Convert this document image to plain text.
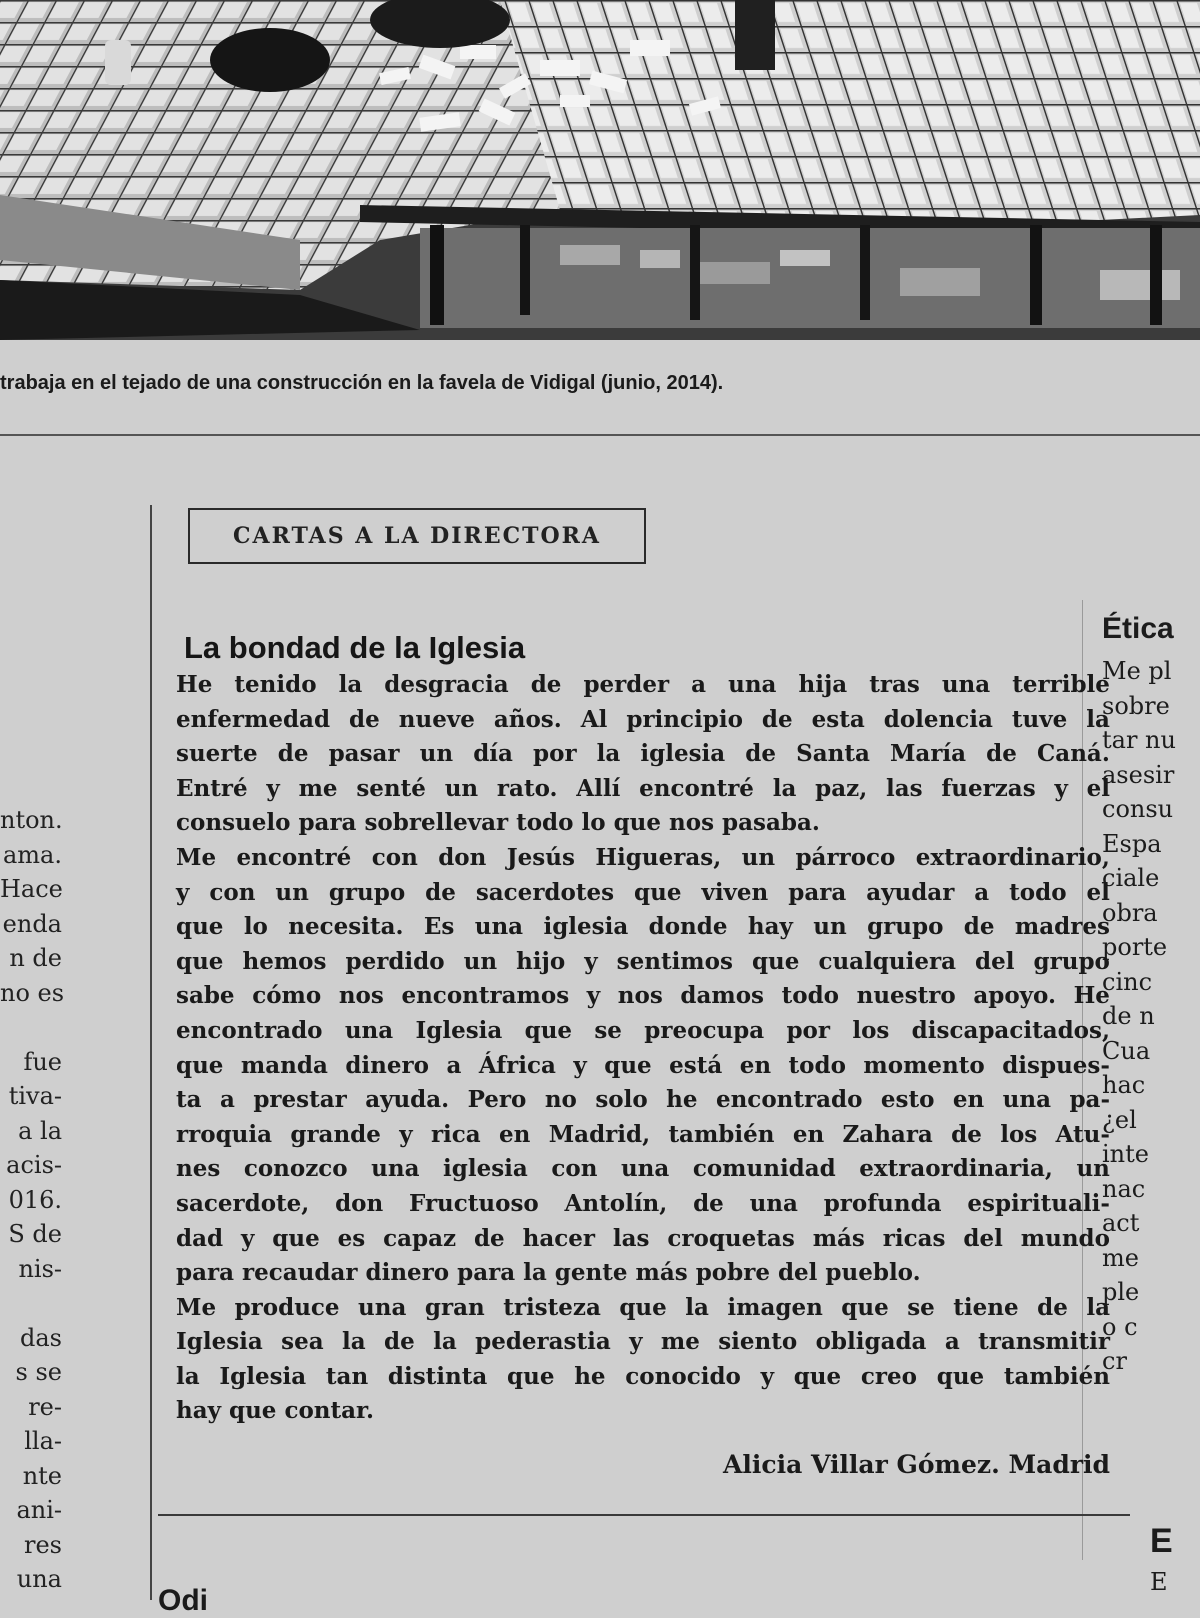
trabaja en el tejado de una construcción en la favela de Vidigal (junio, 2014).
nton.
ama.
Hace
enda
n de
no es
fue
tiva-
a la
acis-
016.
S de
nis-
das
s se
re-
lla-
nte
ani-
res
una
Ética
Me pl
sobre
tar nu
asesir
consu
Espa
ciale
obra
porte
cinc
de n
Cua
hac
¿el
inte
nac
act
me
ple
o c
cr
E
E
CARTAS A LA DIRECTORA
La bondad de la Iglesia
He tenido la desgracia de perder a una hija tras una terrible
enfermedad de nueve años. Al principio de esta dolencia tuve la
suerte de pasar un día por la iglesia de Santa María de Caná.
Entré y me senté un rato. Allí encontré la paz, las fuerzas y el
consuelo para sobrellevar todo lo que nos pasaba.
Me encontré con don Jesús Higueras, un párroco extraordinario,
y con un grupo de sacerdotes que viven para ayudar a todo el
que lo necesita. Es una iglesia donde hay un grupo de madres
que hemos perdido un hijo y sentimos que cualquiera del grupo
sabe cómo nos encontramos y nos damos todo nuestro apoyo. He
encontrado una Iglesia que se preocupa por los discapacitados,
que manda dinero a África y que está en todo momento dispues-
ta a prestar ayuda. Pero no solo he encontrado esto en una pa-
rroquia grande y rica en Madrid, también en Zahara de los Atu-
nes conozco una iglesia con una comunidad extraordinaria, un
sacerdote, don Fructuoso Antolín, de una profunda espirituali-
dad y que es capaz de hacer las croquetas más ricas del mundo
para recaudar dinero para la gente más pobre del pueblo.
Me produce una gran tristeza que la imagen que se tiene de la
Iglesia sea la de la pederastia y me siento obligada a transmitir
la Iglesia tan distinta que he conocido y que creo que también
hay que contar.
Alicia Villar Gómez. Madrid
Odi
